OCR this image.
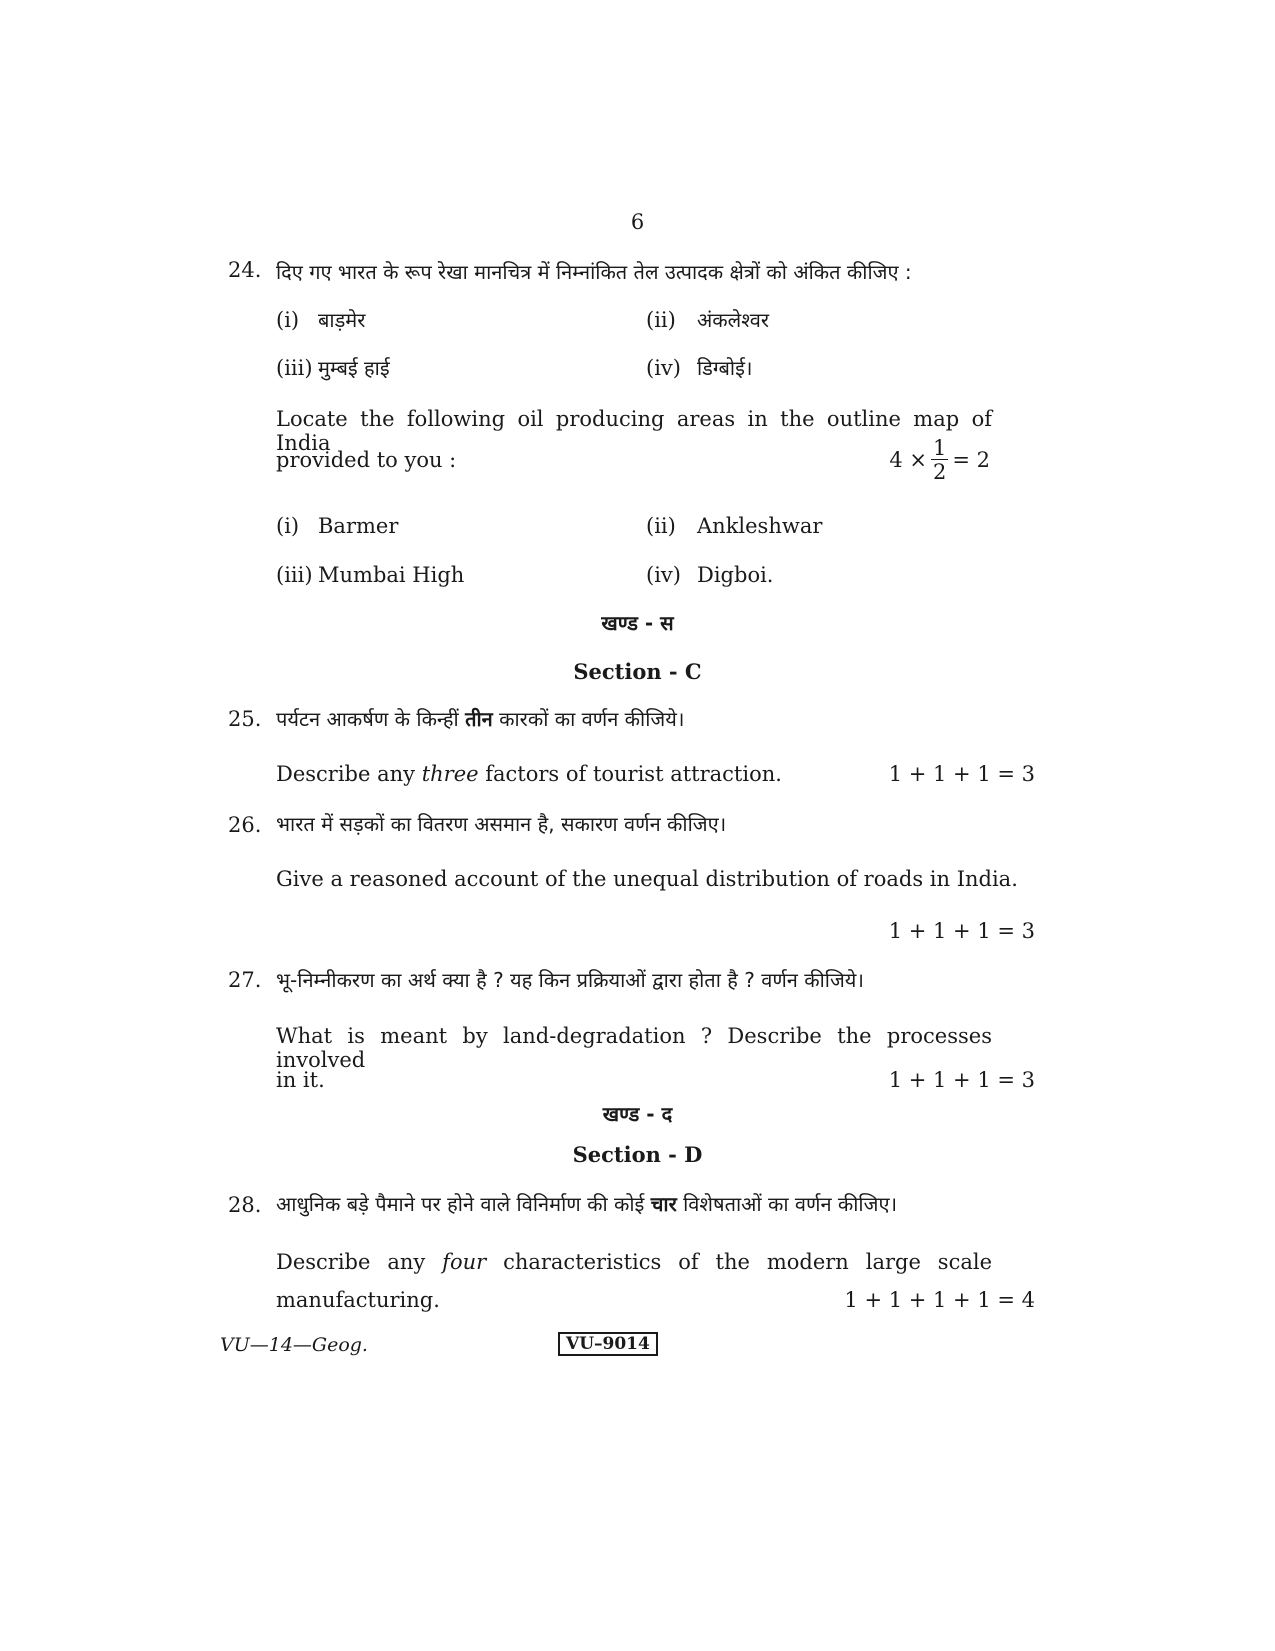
6
24. दिए गए भारत के रूप रेखा मानचित्र में निम्नांकित तेल उत्पादक क्षेत्रों को अंकित कीजिए :
(i) बाड़मेर	(ii) अंकलेश्वर
(iii) मुम्बई हाई	(iv) डिग्बोई।
Locate the following oil producing areas in the outline map of India
provided to you :	$4 \times \frac{1}{2} = 2$
(i) Barmer	(ii) Ankleshwar
(iii) Mumbai High	(iv) Digboi.
खण्ड - स
Section - C
25. पर्यटन आकर्षण के किन्हीं तीन कारकों का वर्णन कीजिये।
Describe any three factors of tourist attraction.	1 + 1 + 1 = 3
26. भारत में सड़कों का वितरण असमान है, सकारण वर्णन कीजिए।
Give a reasoned account of the unequal distribution of roads in India.
1 + 1 + 1 = 3
27. भू-निम्नीकरण का अर्थ क्या है ? यह किन प्रक्रियाओं द्वारा होता है ? वर्णन कीजिये।
What is meant by land-degradation ? Describe the processes involved
in it.	1 + 1 + 1 = 3
खण्ड - द
Section - D
28. आधुनिक बड़े पैमाने पर होने वाले विनिर्माण की कोई चार विशेषताओं का वर्णन कीजिए।
Describe any four characteristics of the modern large scale
manufacturing.	1 + 1 + 1 + 1 = 4
VU—14—Geog.	VU–9014
